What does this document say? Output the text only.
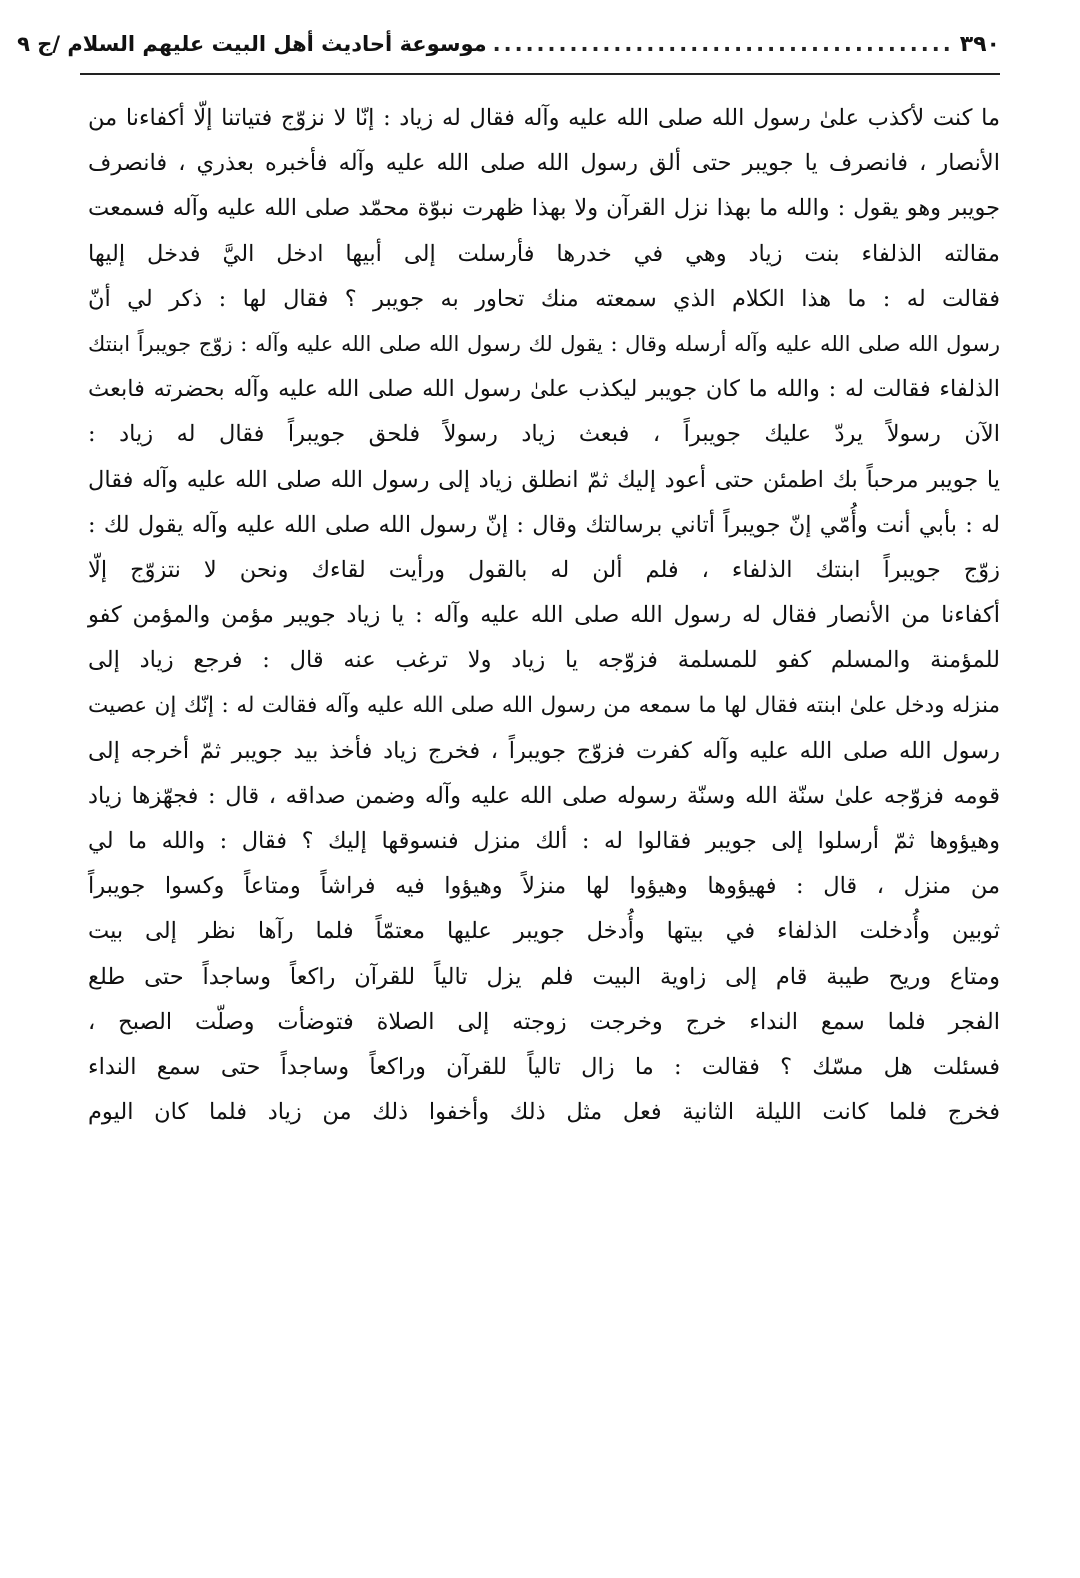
٣٩٠
..........................................
موسوعة أحاديث أهل البيت عليهم السلام /ج ٩
ما كنت لأكذب علىٰ رسول الله صلى الله عليه وآله فقال له زياد : إنّا لا نزوّج فتياتنا إلّا أكفاءنا من
الأنصار ، فانصرف يا جويبر حتى ألق رسول الله صلى الله عليه وآله فأخبره بعذري ، فانصرف
جويبر وهو يقول : والله ما بهذا نزل القرآن ولا بهذا ظهرت نبوّة محمّد صلى الله عليه وآله فسمعت
مقالته الذلفاء بنت زياد وهي في خدرها فأرسلت إلى أبيها ادخل اليَّ فدخل إليها
فقالت له : ما هذا الكلام الذي سمعته منك تحاور به جويبر ؟ فقال لها : ذكر لي أنّ
رسول الله صلى الله عليه وآله أرسله وقال : يقول لك رسول الله صلى الله عليه وآله : زوّج جويبراً ابنتك
الذلفاء فقالت له : والله ما كان جويبر ليكذب علىٰ رسول الله صلى الله عليه وآله بحضرته فابعث
الآن رسولاً يردّ عليك جويبراً ، فبعث زياد رسولاً فلحق جويبراً فقال له زياد :
يا جويبر مرحباً بك اطمئن حتى أعود إليك ثمّ انطلق زياد إلى رسول الله صلى الله عليه وآله فقال
له : بأبي أنت وأُمّي إنّ جويبراً أتاني برسالتك وقال : إنّ رسول الله صلى الله عليه وآله يقول لك :
زوّج جويبراً ابنتك الذلفاء ، فلم ألن له بالقول ورأيت لقاءك ونحن لا نتزوّج إلّا
أكفاءنا من الأنصار فقال له رسول الله صلى الله عليه وآله : يا زياد جويبر مؤمن والمؤمن كفو
للمؤمنة والمسلم كفو للمسلمة فزوّجه يا زياد ولا ترغب عنه قال : فرجع زياد إلى
منزله ودخل علىٰ ابنته فقال لها ما سمعه من رسول الله صلى الله عليه وآله فقالت له : إنّك إن عصيت
رسول الله صلى الله عليه وآله كفرت فزوّج جويبراً ، فخرج زياد فأخذ بيد جويبر ثمّ أخرجه إلى
قومه فزوّجه علىٰ سنّة الله وسنّة رسوله صلى الله عليه وآله وضمن صداقه ، قال : فجهّزها زياد
وهيؤوها ثمّ أرسلوا إلى جويبر فقالوا له : ألك منزل فنسوقها إليك ؟ فقال : والله ما لي
من منزل ، قال : فهيؤوها وهيؤوا لها منزلاً وهيؤوا فيه فراشاً ومتاعاً وكسوا جويبراً
ثوبين وأُدخلت الذلفاء في بيتها وأُدخل جويبر عليها معتمّاً فلما رآها نظر إلى بيت
ومتاع وريح طيبة قام إلى زاوية البيت فلم يزل تالياً للقرآن راكعاً وساجداً حتى طلع
الفجر فلما سمع النداء خرج وخرجت زوجته إلى الصلاة فتوضأت وصلّت الصبح ،
فسئلت هل مسّك ؟ فقالت : ما زال تالياً للقرآن وراكعاً وساجداً حتى سمع النداء
فخرج فلما كانت الليلة الثانية فعل مثل ذلك وأخفوا ذلك من زياد فلما كان اليوم
